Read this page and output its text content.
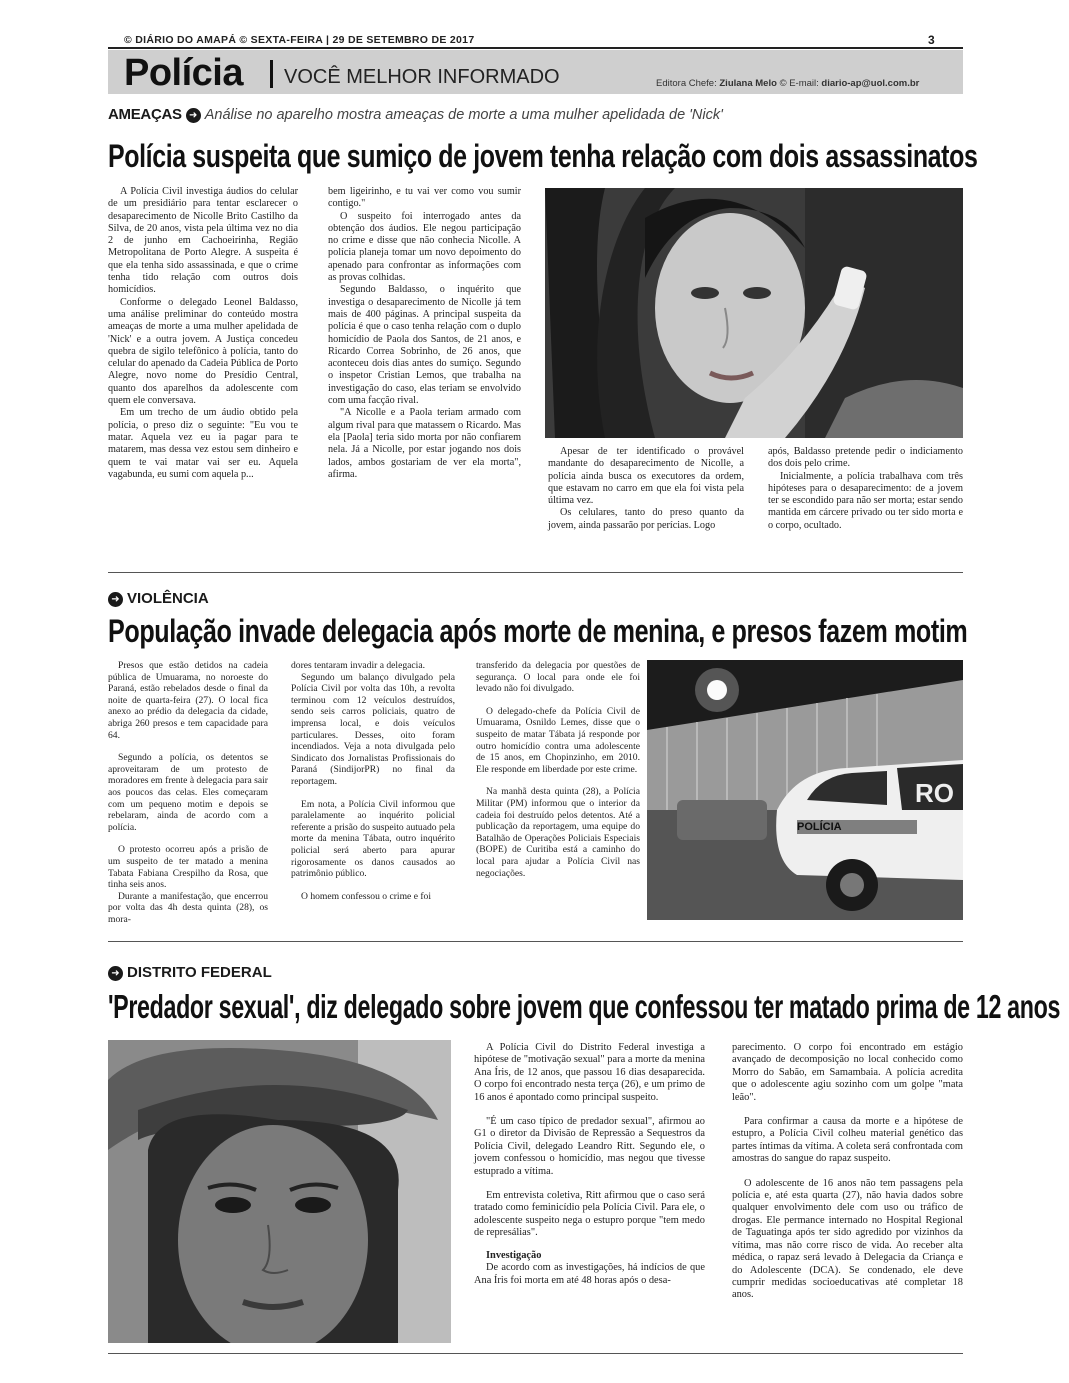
© DIÁRIO DO AMAPÁ © SEXTA-FEIRA | 29 DE SETEMBRO DE 2017	3
Polícia VOCÊ MELHOR INFORMADO	Editora Chefe: Ziulana Melo © E-mail: diario-ap@uol.com.br
AMEAÇAS ➜ Análise no aparelho mostra ameaças de morte a uma mulher apelidada de 'Nick'
Polícia suspeita que sumiço de jovem tenha relação com dois assassinatos

A Polícia Civil investiga áudios do celular de um presidiário para tentar esclarecer o desaparecimento de Nicolle Brito Castilho da Silva, de 20 anos, vista pela última vez no dia 2 de junho em Cachoeirinha, Região Metropolitana de Porto Alegre. A suspeita é que ela tenha sido assassinada, e que o crime tenha tido relação com outros dois homicídios.

Conforme o delegado Leonel Baldasso, uma análise preliminar do conteúdo mostra ameaças de morte a uma mulher apelidada de 'Nick' e a outra jovem. A Justiça concedeu quebra de sigilo telefônico à polícia, tanto do celular do apenado da Cadeia Pública de Porto Alegre, novo nome do Presídio Central, quanto dos aparelhos da adolescente com quem ele conversava.

Em um trecho de um áudio obtido pela polícia, o preso diz o seguinte: "Eu vou te matar. Aquela vez eu ia pagar para te matarem, mas dessa vez estou sem dinheiro e quem te vai matar vai ser eu. Aquela vagabunda, eu sumi com aquela p...

bem ligeirinho, e tu vai ver como vou sumir contigo."

O suspeito foi interrogado antes da obtenção dos áudios. Ele negou participação no crime e disse que não conhecia Nicolle. A polícia planeja tomar um novo depoimento do apenado para confrontar as informações com as provas colhidas.

Segundo Baldasso, o inquérito que investiga o desaparecimento de Nicolle já tem mais de 400 páginas. A principal suspeita da polícia é que o caso tenha relação com o duplo homicídio de Paola dos Santos, de 21 anos, e Ricardo Correa Sobrinho, de 26 anos, que aconteceu dois dias antes do sumiço. Segundo o inspetor Cristian Lemos, que trabalha na investigação do caso, elas teriam se envolvido com uma facção rival.

"A Nicolle e a Paola teriam armado com algum rival para que matassem o Ricardo. Mas ela [Paola] teria sido morta por não confiarem nela. Já a Nicolle, por estar jogando nos dois lados, ambos gostariam de ver ela morta", afirma.

Apesar de ter identificado o provável mandante do desaparecimento de Nicolle, a polícia ainda busca os executores da ordem, que estavam no carro em que ela foi vista pela última vez.

Os celulares, tanto do preso quanto da jovem, ainda passarão por perícias. Logo

após, Baldasso pretende pedir o indiciamento dos dois pelo crime.

Inicialmente, a polícia trabalhava com três hipóteses para o desaparecimento: de a jovem ter se escondido para não ser morta; estar sendo mantida em cárcere privado ou ter sido morta e o corpo, ocultado.

➜ VIOLÊNCIA
População invade delegacia após morte de menina, e presos fazem motim

Presos que estão detidos na cadeia pública de Umuarama, no noroeste do Paraná, estão rebelados desde o final da noite de quarta-feira (27). O local fica anexo ao prédio da delegacia da cidade, abriga 260 presos e tem capacidade para 64.

Segundo a polícia, os detentos se aproveitaram de um protesto de moradores em frente à delegacia para sair aos poucos das celas. Eles começaram com um pequeno motim e depois se rebelaram, ainda de acordo com a polícia.

O protesto ocorreu após a prisão de um suspeito de ter matado a menina Tabata Fabiana Crespilho da Rosa, que tinha seis anos.

Durante a manifestação, que encerrou por volta das 4h desta quinta (28), os mora-

dores tentaram invadir a delegacia.

Segundo um balanço divulgado pela Polícia Civil por volta das 10h, a revolta terminou com 12 veículos destruídos, sendo seis carros policiais, quatro de imprensa local, e dois veículos particulares. Desses, oito foram incendiados. Veja a nota divulgada pelo Sindicato dos Jornalistas Profissionais do Paraná (SindijorPR) no final da reportagem.

Em nota, a Polícia Civil informou que paralelamente ao inquérito policial referente a prisão do suspeito autuado pela morte da menina Tábata, outro inquérito policial será aberto para apurar rigorosamente os danos causados ao patrimônio público.

O homem confessou o crime e foi

transferido da delegacia por questões de segurança. O local para onde ele foi levado não foi divulgado.

O delegado-chefe da Polícia Civil de Umuarama, Osnildo Lemes, disse que o suspeito de matar Tábata já responde por outro homicídio contra uma adolescente de 15 anos, em Chopinzinho, em 2010. Ele responde em liberdade por este crime.

Na manhã desta quinta (28), a Polícia Militar (PM) informou que o interior da cadeia foi destruído pelos detentos. Até a publicação da reportagem, uma equipe do Batalhão de Operações Policiais Especiais (BOPE) de Curitiba está a caminho do local para ajudar a Polícia Civil nas negociações.

RO
POLÍCIA
➜ DISTRITO FEDERAL
'Predador sexual', diz delegado sobre jovem que confessou ter matado prima de 12 anos

A Polícia Civil do Distrito Federal investiga a hipótese de "motivação sexual" para a morte da menina Ana Íris, de 12 anos, que passou 16 dias desaparecida. O corpo foi encontrado nesta terça (26), e um primo de 16 anos é apontado como principal suspeito.

"É um caso típico de predador sexual", afirmou ao G1 o diretor da Divisão de Repressão a Sequestros da Polícia Civil, delegado Leandro Ritt. Segundo ele, o jovem confessou o homicídio, mas negou que tivesse estuprado a vítima.

Em entrevista coletiva, Ritt afirmou que o caso será tratado como feminicídio pela Polícia Civil. Para ele, o adolescente suspeito nega o estupro porque "tem medo de represálias".

Investigação

De acordo com as investigações, há indícios de que Ana Íris foi morta em até 48 horas após o desa-

parecimento. O corpo foi encontrado em estágio avançado de decomposição no local conhecido como Morro do Sabão, em Samambaia. A polícia acredita que o adolescente agiu sozinho com um golpe "mata leão".

Para confirmar a causa da morte e a hipótese de estupro, a Polícia Civil colheu material genético das partes íntimas da vítima. A coleta será confrontada com amostras do sangue do rapaz suspeito.

O adolescente de 16 anos não tem passagens pela polícia e, até esta quarta (27), não havia dados sobre qualquer envolvimento dele com uso ou tráfico de drogas. Ele permance internado no Hospital Regional de Taguatinga após ter sido agredido por vizinhos da vítima, mas não corre risco de vida. Ao receber alta médica, o rapaz será levado à Delegacia da Criança e do Adolescente (DCA). Se condenado, ele deve cumprir medidas socioeducativas até completar 18 anos.
